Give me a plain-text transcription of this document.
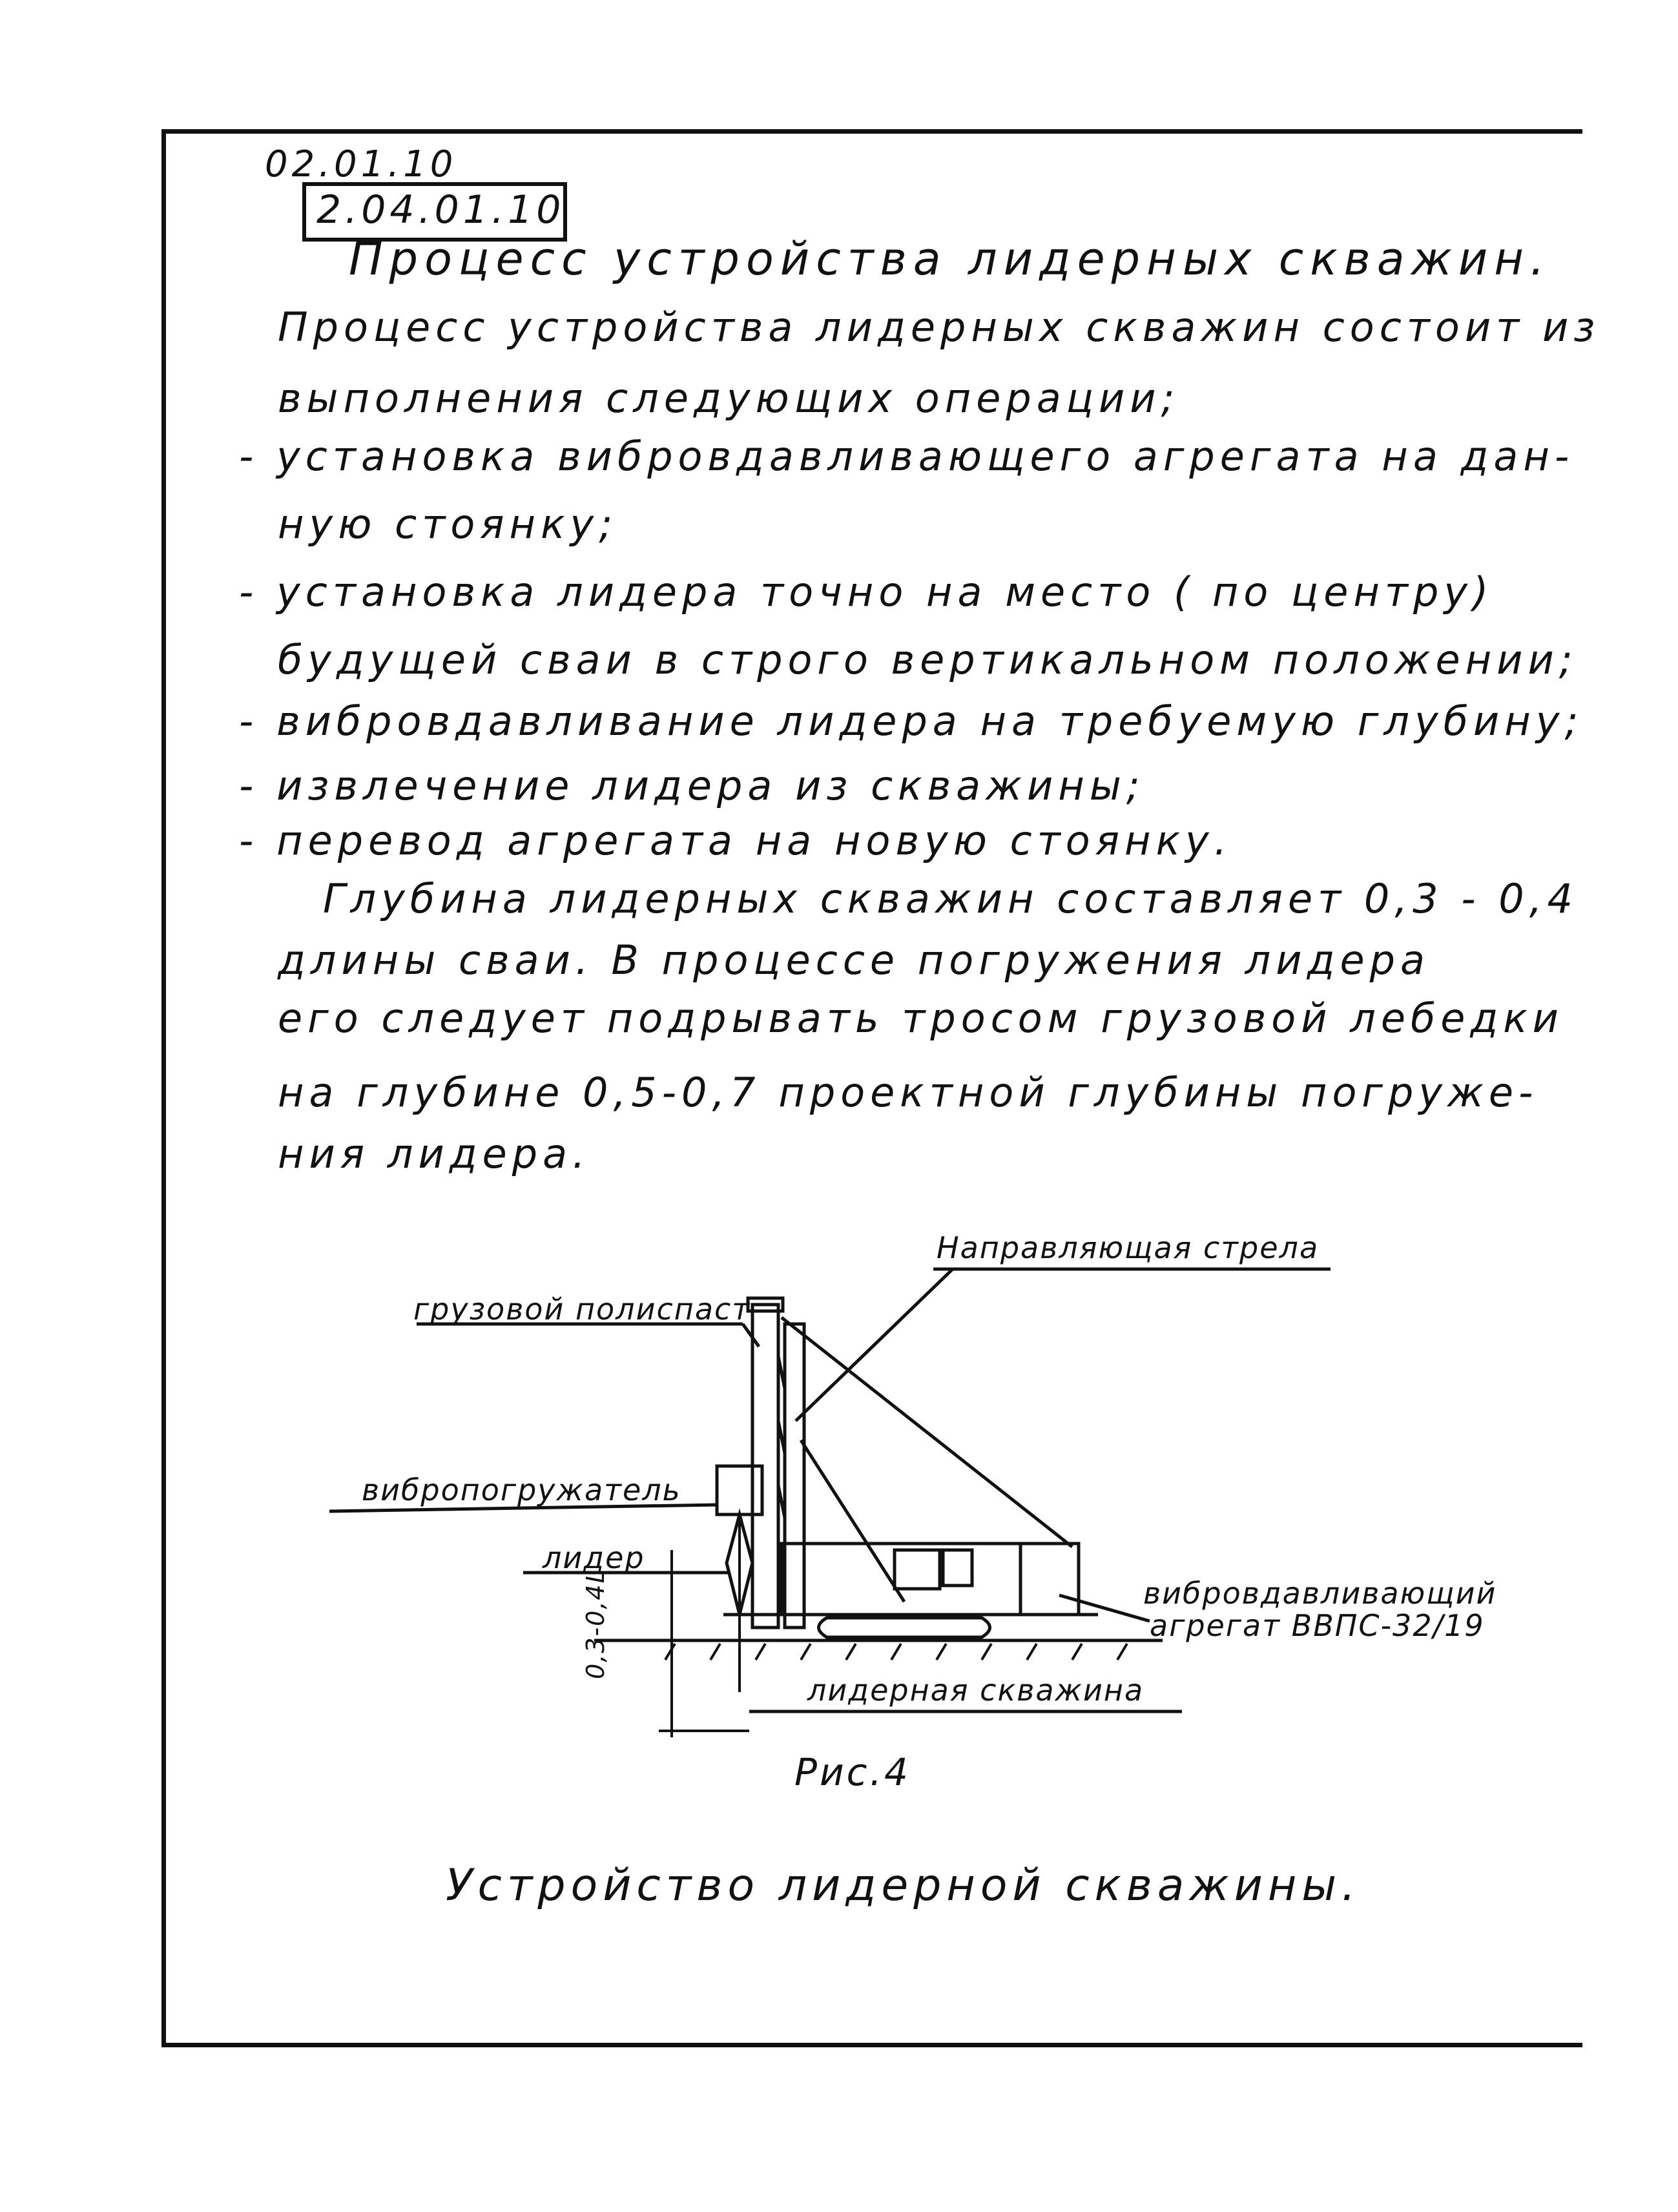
02.01.10
2.04.01.10
Процесс устройства лидерных скважин.
Процесс устройства лидерных скважин состоит из
выполнения следующих операции;
- установка вибровдавливающего агрегата на дан-
ную стоянку;
- установка лидера точно на место ( по центру)
будущей сваи в строго вертикальном положении;
- вибровдавливание лидера на требуемую глубину;
- извлечение лидера из скважины;
- перевод агрегата на новую стоянку.
Глубина лидерных скважин составляет 0,3 - 0,4
длины сваи. В процессе погружения лидера
его следует подрывать тросом грузовой лебедки
на глубине 0,5-0,7 проектной глубины погруже-
ния лидера.
Направляющая стрела
грузовой полиспаст
вибропогружатель
лидер
вибровдавливающий
агрегат ВВПС-32/19
лидерная скважина
0,3-0,4L
Рис.4
Устройство лидерной скважины.
